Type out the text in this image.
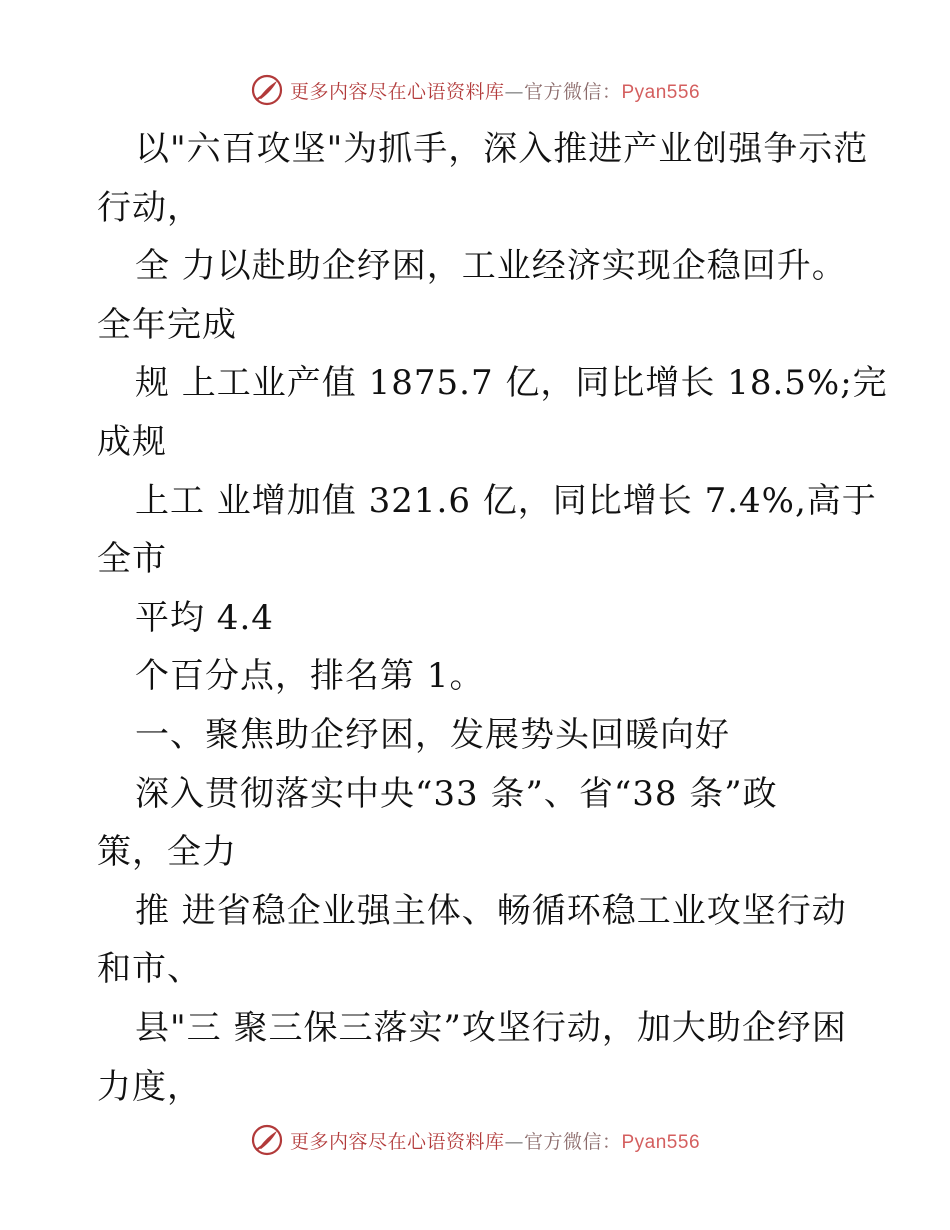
更多内容尽在心语资料库—官方微信：Pyan556
以"六百攻坚"为抓手，深入推进产业创强争示范
行动，
全 力以赴助企纾困，工业经济实现企稳回升。
全年完成
规 上工业产值 1875.7 亿，同比增长 18.5%;完
成规
上工 业增加值 321.6 亿，同比增长 7.4%,高于
全市
平均 4.4
个百分点，排名第 1。
一、聚焦助企纾困，发展势头回暖向好
深入贯彻落实中央“33 条”、省“38 条”政
策，全力
推 进省稳企业强主体、畅循环稳工业攻坚行动
和市、
县"三 聚三保三落实”攻坚行动，加大助企纾困
力度，
更多内容尽在心语资料库—官方微信：Pyan556
